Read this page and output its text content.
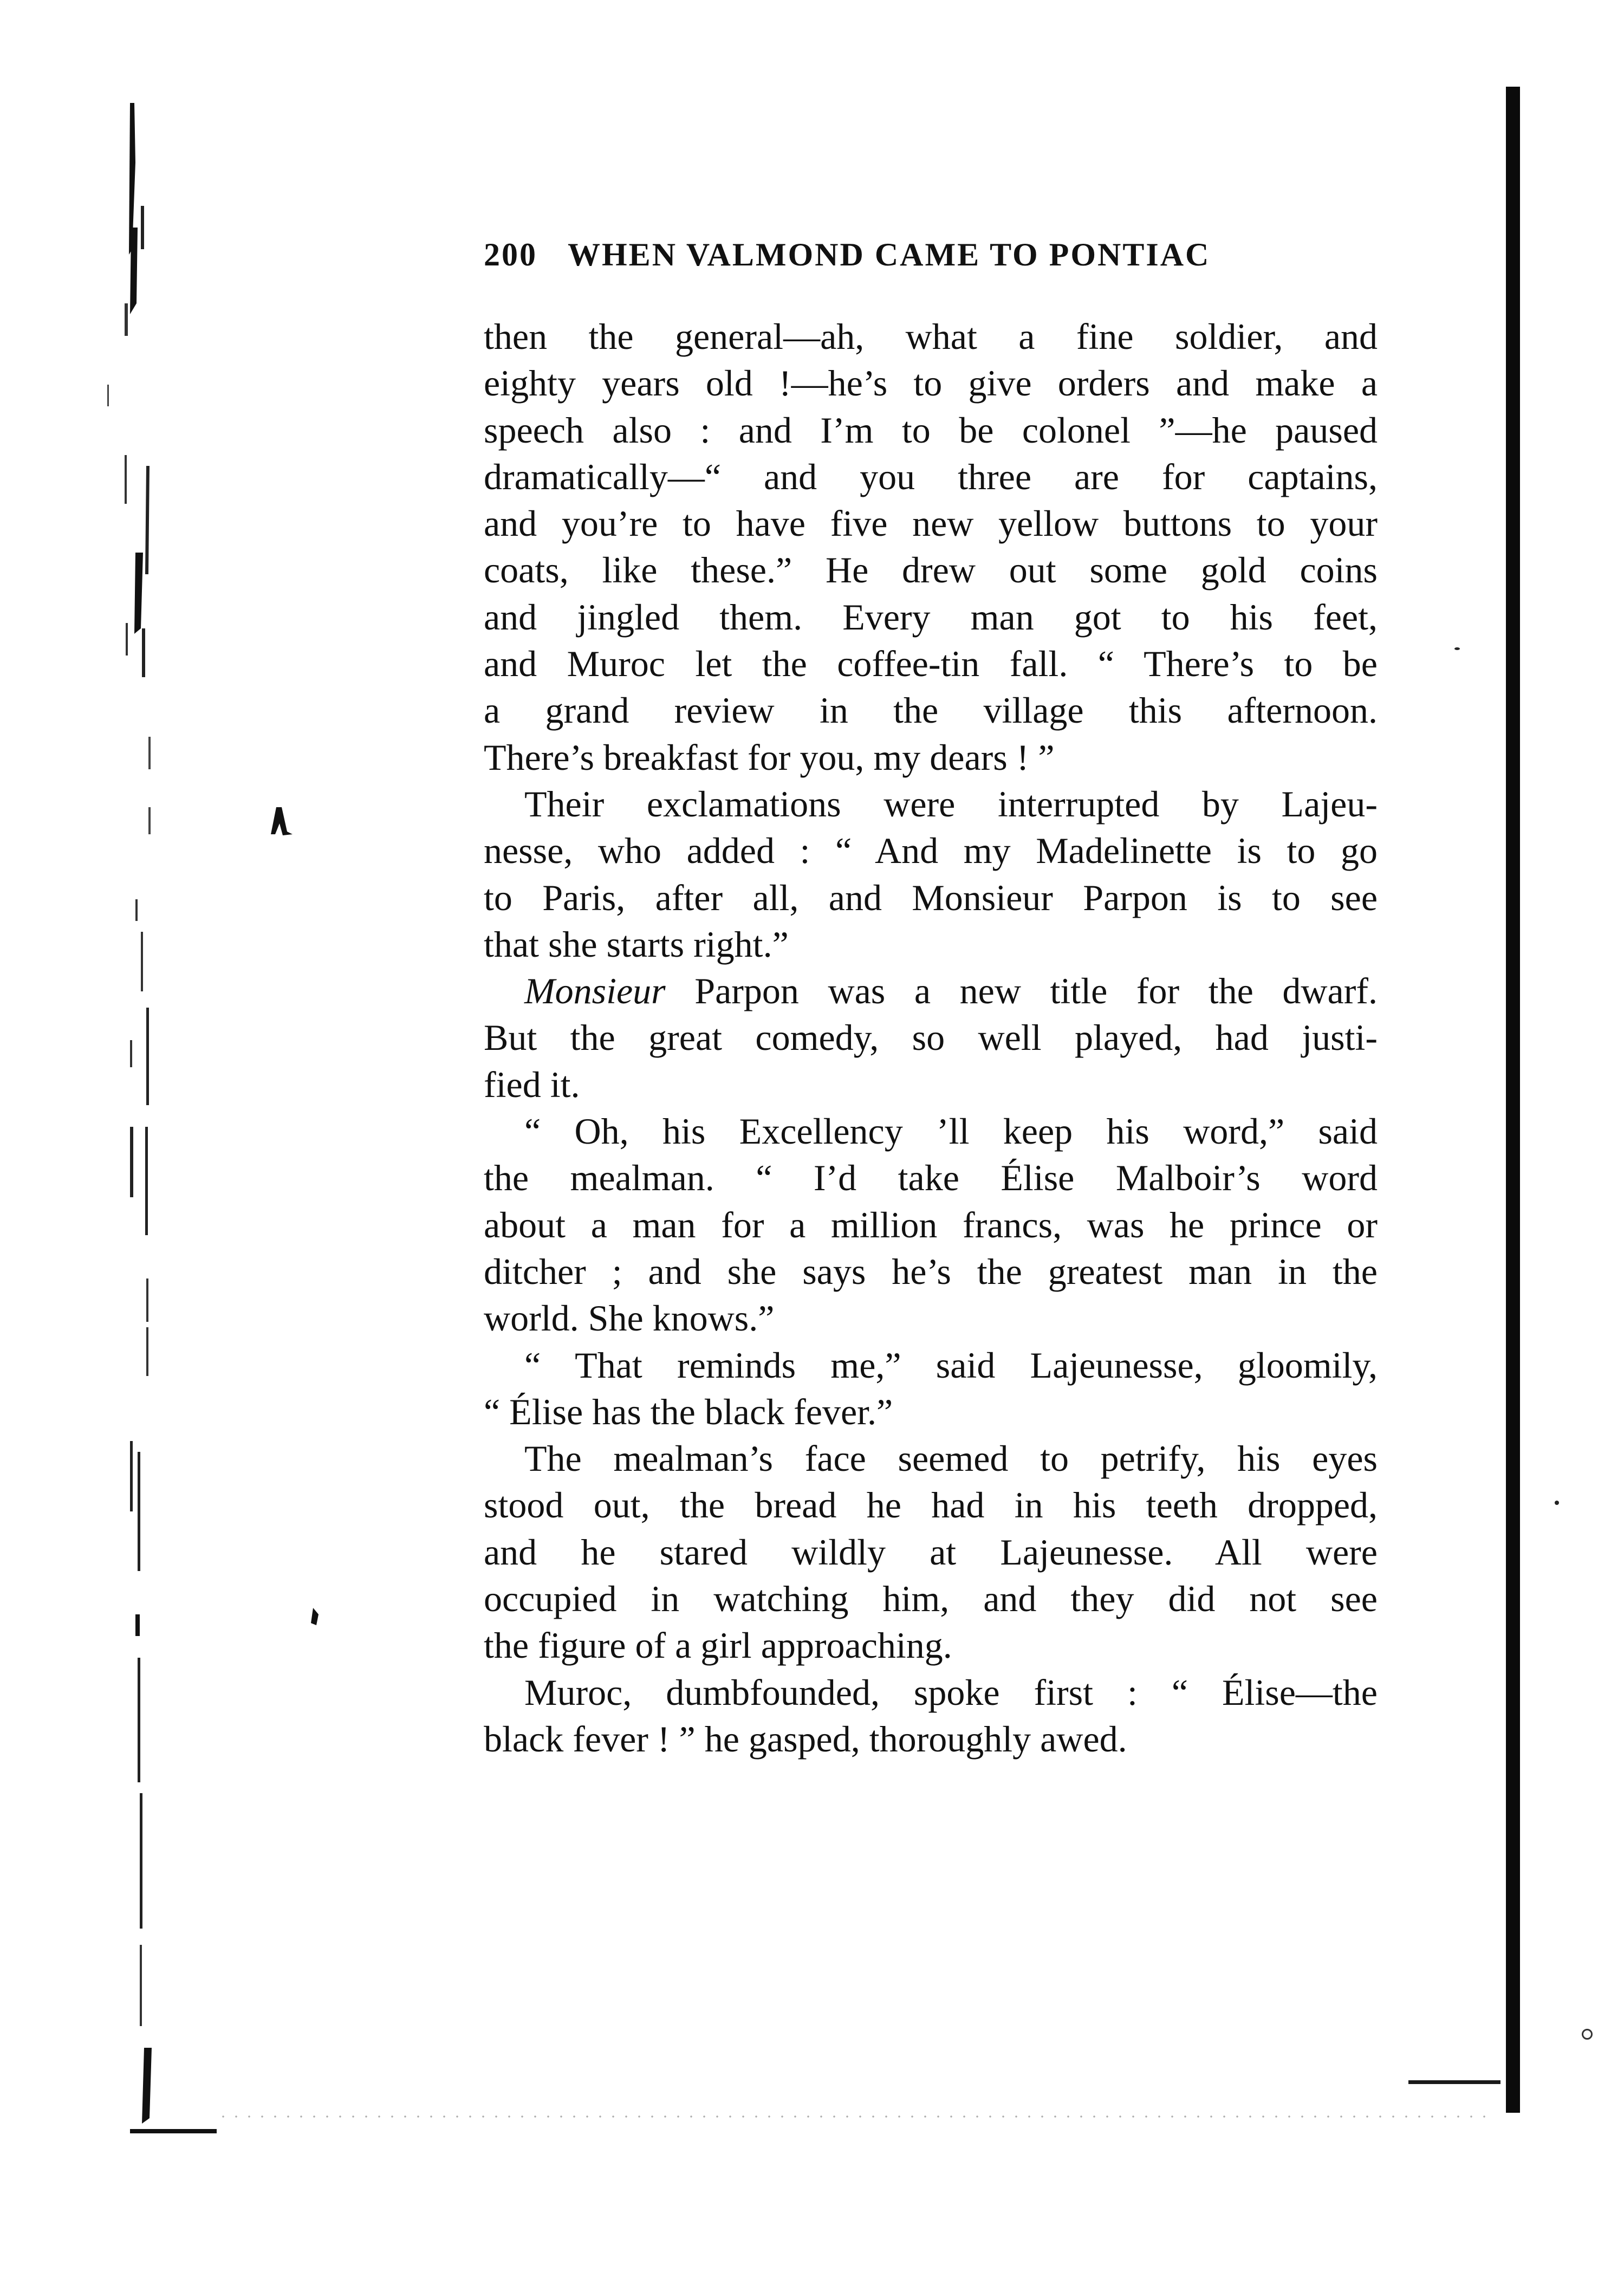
200 WHEN VALMOND CAME TO PONTIAC
then the general—ah, what a fine soldier, and
eighty years old !—he’s to give orders and make a
speech also : and I’m to be colonel ”—he paused
dramatically—“ and you three are for captains,
and you’re to have five new yellow buttons to your
coats, like these.” He drew out some gold coins
and jingled them. Every man got to his feet,
and Muroc let the coffee-tin fall. “ There’s to be
a grand review in the village this afternoon.
There’s breakfast for you, my dears ! ”
Their exclamations were interrupted by Lajeu-
nesse, who added : “ And my Madelinette is to go
to Paris, after all, and Monsieur Parpon is to see
that she starts right.”
Monsieur Parpon was a new title for the dwarf.
But the great comedy, so well played, had justi-
fied it.
“ Oh, his Excellency ’ll keep his word,” said
the mealman. “ I’d take Élise Malboir’s word
about a man for a million francs, was he prince or
ditcher ; and she says he’s the greatest man in the
world. She knows.”
“ That reminds me,” said Lajeunesse, gloomily,
“ Élise has the black fever.”
The mealman’s face seemed to petrify, his eyes
stood out, the bread he had in his teeth dropped,
and he stared wildly at Lajeunesse. All were
occupied in watching him, and they did not see
the figure of a girl approaching.
Muroc, dumbfounded, spoke first : “ Élise—the
black fever ! ” he gasped, thoroughly awed.
